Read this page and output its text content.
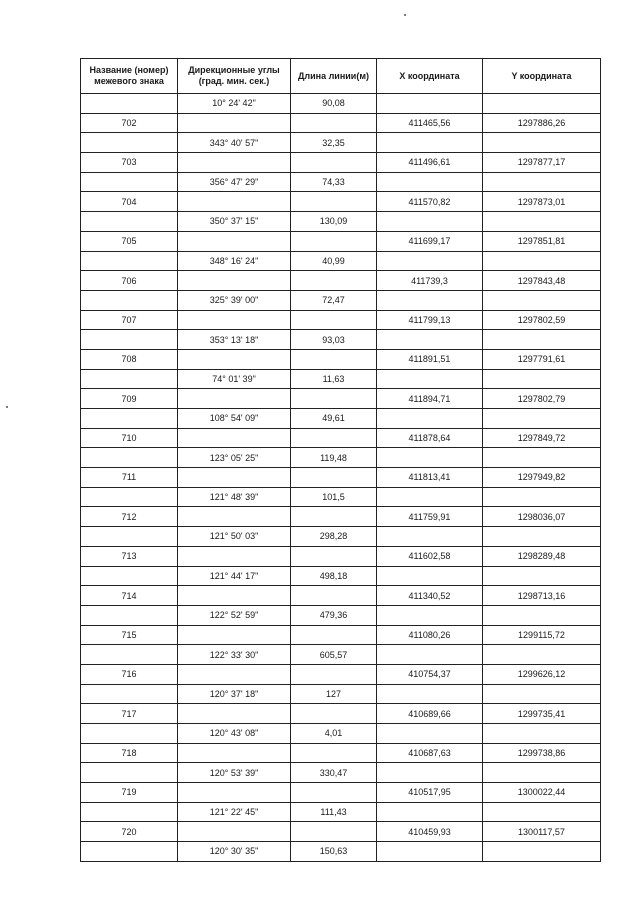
Название (номер) межевого знака	Дирекционные углы (град. мин. сек.)	Длина линии(м)	X координата	Y координата
	10° 24' 42"	90,08		
702			411465,56	1297886,26
	343° 40' 57"	32,35		
703			411496,61	1297877,17
	356° 47' 29"	74,33		
704			411570,82	1297873,01
	350° 37' 15"	130,09		
705			411699,17	1297851,81
	348° 16' 24"	40,99		
706			411739,3	1297843,48
	325° 39' 00"	72,47		
707			411799,13	1297802,59
	353° 13' 18"	93,03		
708			411891,51	1297791,61
	74° 01' 39"	11,63		
709			411894,71	1297802,79
	108° 54' 09"	49,61		
710			411878,64	1297849,72
	123° 05' 25"	119,48		
711			411813,41	1297949,82
	121° 48' 39"	101,5		
712			411759,91	1298036,07
	121° 50' 03"	298,28		
713			411602,58	1298289,48
	121° 44' 17"	498,18		
714			411340,52	1298713,16
	122° 52' 59"	479,36		
715			411080,26	1299115,72
	122° 33' 30"	605,57		
716			410754,37	1299626,12
	120° 37' 18"	127		
717			410689,66	1299735,41
	120° 43' 08"	4,01		
718			410687,63	1299738,86
	120° 53' 39"	330,47		
719			410517,95	1300022,44
	121° 22' 45"	111,43		
720			410459,93	1300117,57
	120° 30' 35"	150,63		
